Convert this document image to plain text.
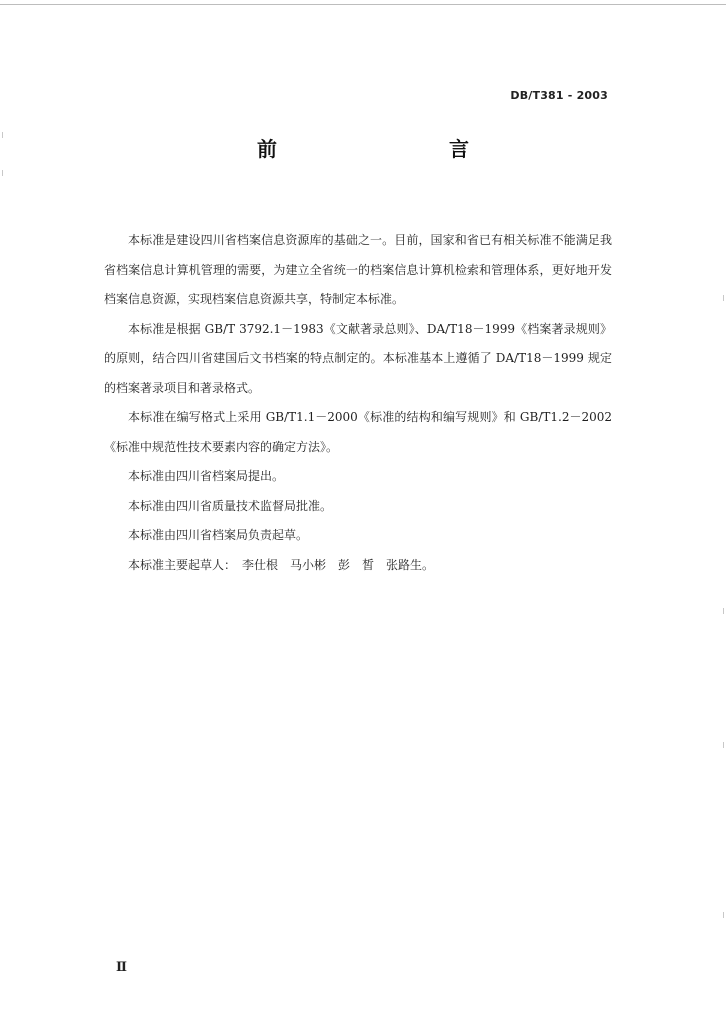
DB/T381 - 2003
前　　言

本标准是建设四川省档案信息资源库的基础之一。目前，国家和省已有相关标准不能满足我省档案信息计算机管理的需要，为建立全省统一的档案信息计算机检索和管理体系，更好地开发档案信息资源，实现档案信息资源共享，特制定本标准。

本标准是根据 GB/T 3792.1－1983《文献著录总则》、DA/T18－1999《档案著录规则》的原则，结合四川省建国后文书档案的特点制定的。本标准基本上遵循了 DA/T18－1999 规定的档案著录项目和著录格式。

本标准在编写格式上采用 GB/T1.1－2000《标准的结构和编写规则》和 GB/T1.2－2002《标准中规范性技术要素内容的确定方法》。

本标准由四川省档案局提出。

本标准由四川省质量技术监督局批准。

本标准由四川省档案局负责起草。

本标准主要起草人：　李仕根　马小彬　彭　皙　张路生。

Ⅱ
